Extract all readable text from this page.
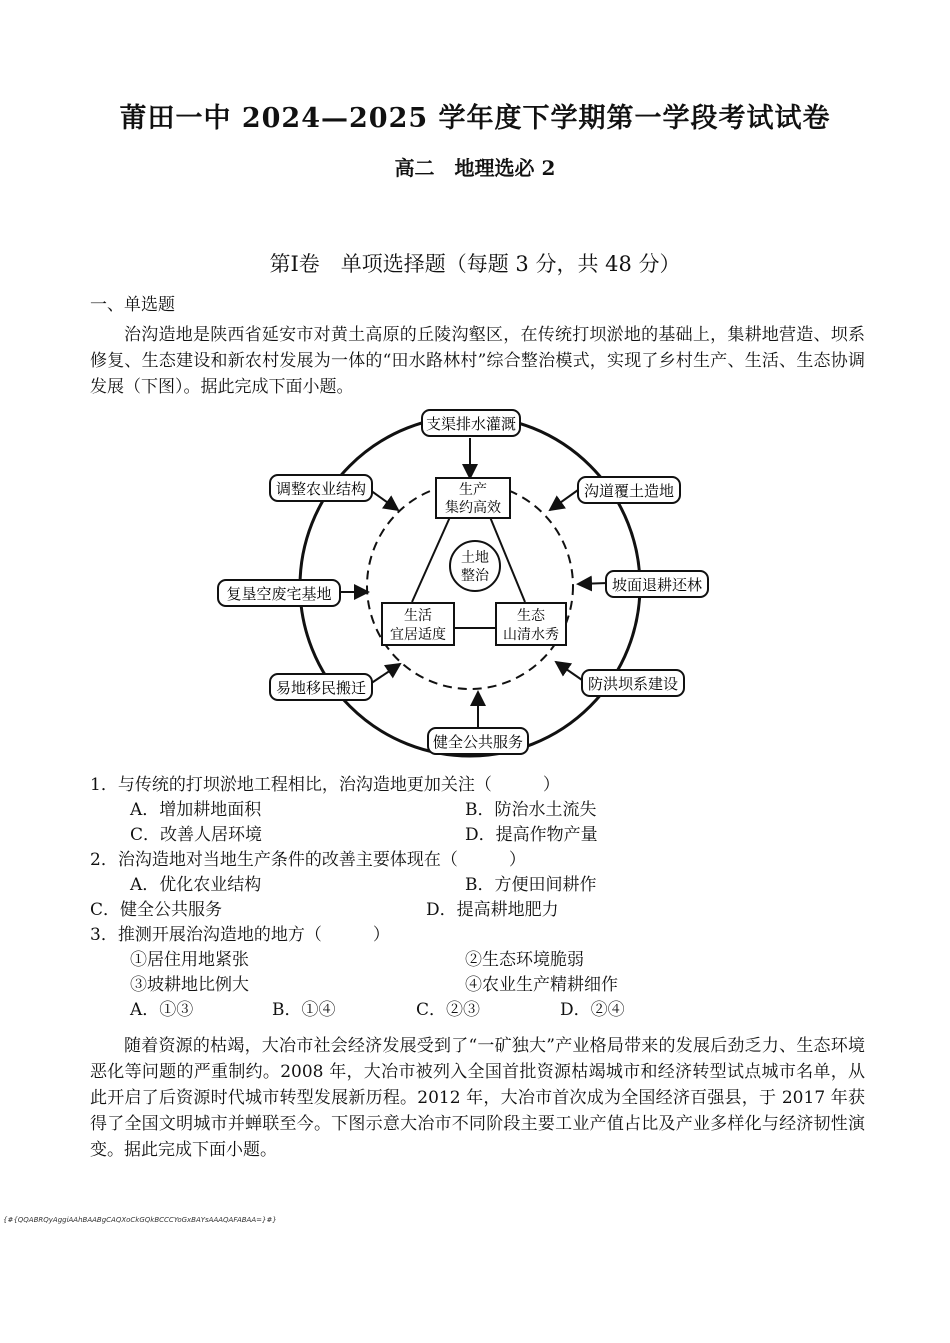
莆田一中 2024—2025 学年度下学期第一学段考试试卷
高二　地理选必 2
第Ⅰ卷　单项选择题（每题 3 分，共 48 分）
一、单选题
治沟造地是陕西省延安市对黄土高原的丘陵沟壑区，在传统打坝淤地的基础上，集耕地营造、坝系修复、生态建设和新农村发展为一体的“田水路林村”综合整治模式，实现了乡村生产、生活、生态协调发展（下图）。据此完成下面小题。
支渠排水灌溉
沟道覆土造地
坡面退耕还林
防洪坝系建设
健全公共服务
易地移民搬迁
复垦空废宅基地
调整农业结构	生产
集约高效
生活
宜居适度
生态
山清水秀
土地
整治
1．与传统的打坝淤地工程相比，治沟造地更加关注（　　　）
A．增加耕地面积	B．防治水土流失
C．改善人居环境	D．提高作物产量
2．治沟造地对当地生产条件的改善主要体现在（　　　）
A．优化农业结构	B．方便田间耕作
C．健全公共服务	D．提高耕地肥力
3．推测开展治沟造地的地方（　　　）
①居住用地紧张	②生态环境脆弱
③坡耕地比例大	④农业生产精耕细作
A．①③	B．①④	C．②③	D．②④
随着资源的枯竭，大冶市社会经济发展受到了“一矿独大”产业格局带来的发展后劲乏力、生态环境恶化等问题的严重制约。2008 年，大冶市被列入全国首批资源枯竭城市和经济转型试点城市名单，从此开启了后资源时代城市转型发展新历程。2012 年，大冶市首次成为全国经济百强县，于 2017 年获得了全国文明城市并蝉联至今。下图示意大冶市不同阶段主要工业产值占比及产业多样化与经济韧性演变。据此完成下面小题。
{#{QQABRQyAggiAAhBAABgCAQXoCkGQkBCCCYoGxBAYsAAAQAFABAA=}#}
